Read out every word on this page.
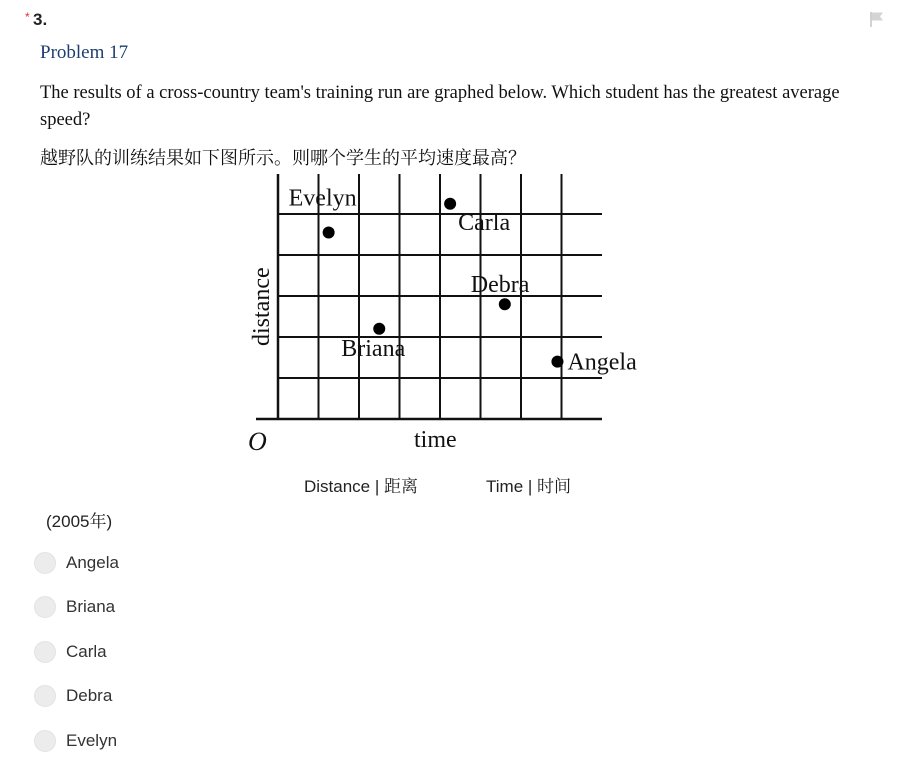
* 3.
Problem 17
The results of a cross-country team's training run are graphed below. Which student has the greatest average speed?
越野队的训练结果如下图所示。则哪个学生的平均速度最高？
Evelyn
Carla
Debra
Briana
Angela
O	time
distance
Distance | 距离	Time | 时间
(2005年)
Angela
Briana
Carla
Debra
Evelyn
